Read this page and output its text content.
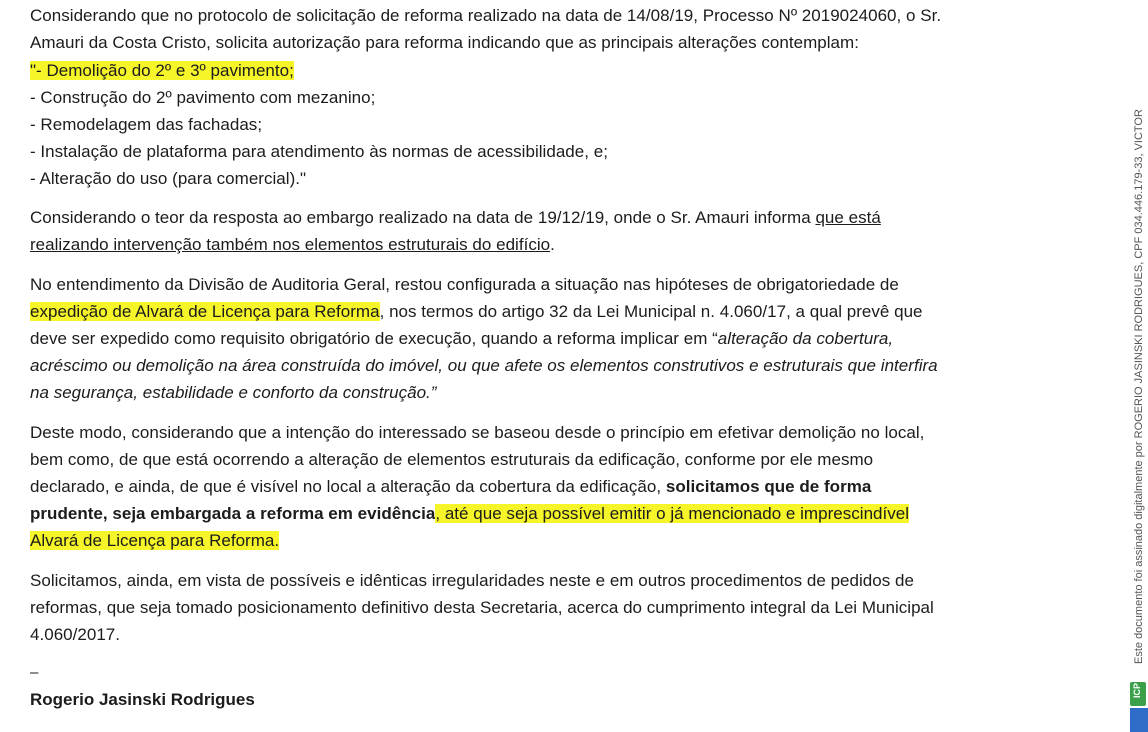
Considerando que no protocolo de solicitação de reforma realizado na data de 14/08/19, Processo Nº 2019024060, o Sr.
Amauri da Costa Cristo, solicita autorização para reforma indicando que as principais alterações contemplam:
"- Demolição do 2º e 3º pavimento;
- Construção do 2º pavimento com mezanino;
- Remodelagem das fachadas;
- Instalação de plataforma para atendimento às normas de acessibilidade, e;
- Alteração do uso (para comercial)."
Considerando o teor da resposta ao embargo realizado na data de 19/12/19, onde o Sr. Amauri informa que está
realizando intervenção também nos elementos estruturais do edifício.
No entendimento da Divisão de Auditoria Geral, restou configurada a situação nas hipóteses de obrigatoriedade de
expedição de Alvará de Licença para Reforma, nos termos do artigo 32 da Lei Municipal n. 4.060/17, a qual prevê que
deve ser expedido como requisito obrigatório de execução, quando a reforma implicar em “alteração da cobertura,
acréscimo ou demolição na área construída do imóvel, ou que afete os elementos construtivos e estruturais que interfira
na segurança, estabilidade e conforto da construção.”
Deste modo, considerando que a intenção do interessado se baseou desde o princípio em efetivar demolição no local,
bem como, de que está ocorrendo a alteração de elementos estruturais da edificação, conforme por ele mesmo
declarado, e ainda, de que é visível no local a alteração da cobertura da edificação, solicitamos que de forma
prudente, seja embargada a reforma em evidência, até que seja possível emitir o já mencionado e imprescindível
Alvará de Licença para Reforma.
Solicitamos, ainda, em vista de possíveis e idênticas irregularidades neste e em outros procedimentos de pedidos de
reformas, que seja tomado posicionamento definitivo desta Secretaria, acerca do cumprimento integral da Lei Municipal
4.060/2017.
–
Rogerio Jasinski Rodrigues
Este documento foi assinado digitalmente por ROGERIO JASINSKI RODRIGUES, CPF 034.446.179-33, VICTOR
ICP
